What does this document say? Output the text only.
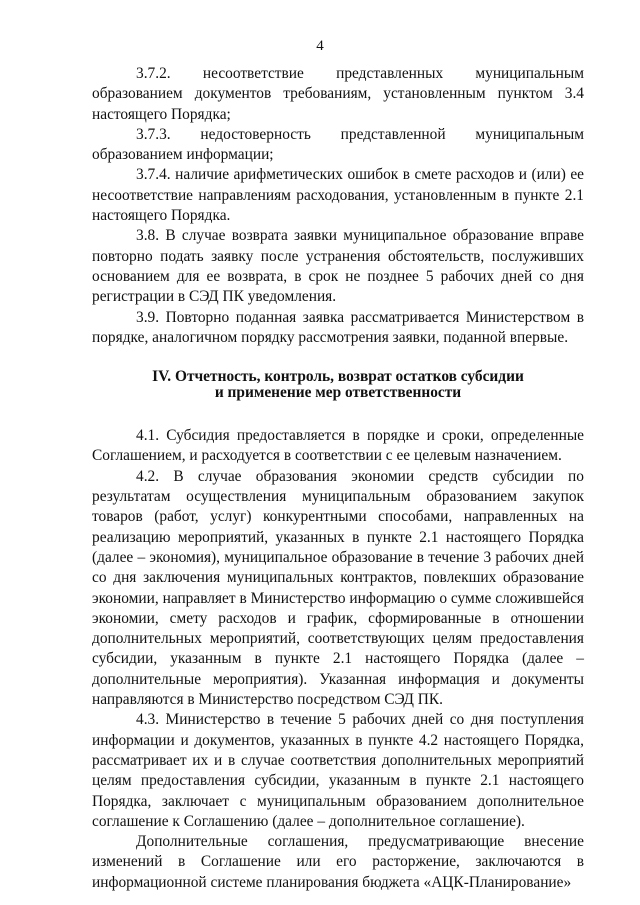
4

3.7.2. несоответствие представленных муниципальным образованием документов требованиям, установленным пунктом 3.4 настоящего Порядка;

3.7.3. недостоверность представленной муниципальным образованием информации;

3.7.4. наличие арифметических ошибок в смете расходов и (или) ее несоответствие направлениям расходования, установленным в пункте 2.1 настоящего Порядка.

3.8. В случае возврата заявки муниципальное образование вправе повторно подать заявку после устранения обстоятельств, послуживших основанием для ее возврата, в срок не позднее 5 рабочих дней со дня регистрации в СЭД ПК уведомления.

3.9. Повторно поданная заявка рассматривается Министерством в порядке, аналогичном порядку рассмотрения заявки, поданной впервые.

IV. Отчетность, контроль, возврат остатков субсидии
и применение мер ответственности

4.1. Субсидия предоставляется в порядке и сроки, определенные Соглашением, и расходуется в соответствии с ее целевым назначением.

4.2. В случае образования экономии средств субсидии по результатам осуществления муниципальным образованием закупок товаров (работ, услуг) конкурентными способами, направленных на реализацию мероприятий, указанных в пункте 2.1 настоящего Порядка (далее – экономия), муниципальное образование в течение 3 рабочих дней со дня заключения муниципальных контрактов, повлекших образование экономии, направляет в Министерство информацию о сумме сложившейся экономии, смету расходов и график, сформированные в отношении дополнительных мероприятий, соответствующих целям предоставления субсидии, указанным в пункте 2.1 настоящего Порядка (далее – дополнительные мероприятия). Указанная информация и документы направляются в Министерство посредством СЭД ПК.

4.3. Министерство в течение 5 рабочих дней со дня поступления информации и документов, указанных в пункте 4.2 настоящего Порядка, рассматривает их и в случае соответствия дополнительных мероприятий целям предоставления субсидии, указанным в пункте 2.1 настоящего Порядка, заключает с муниципальным образованием дополнительное соглашение к Соглашению (далее – дополнительное соглашение).

Дополнительные соглашения, предусматривающие внесение изменений в Соглашение или его расторжение, заключаются в информационной системе планирования бюджета «АЦК-Планирование»
